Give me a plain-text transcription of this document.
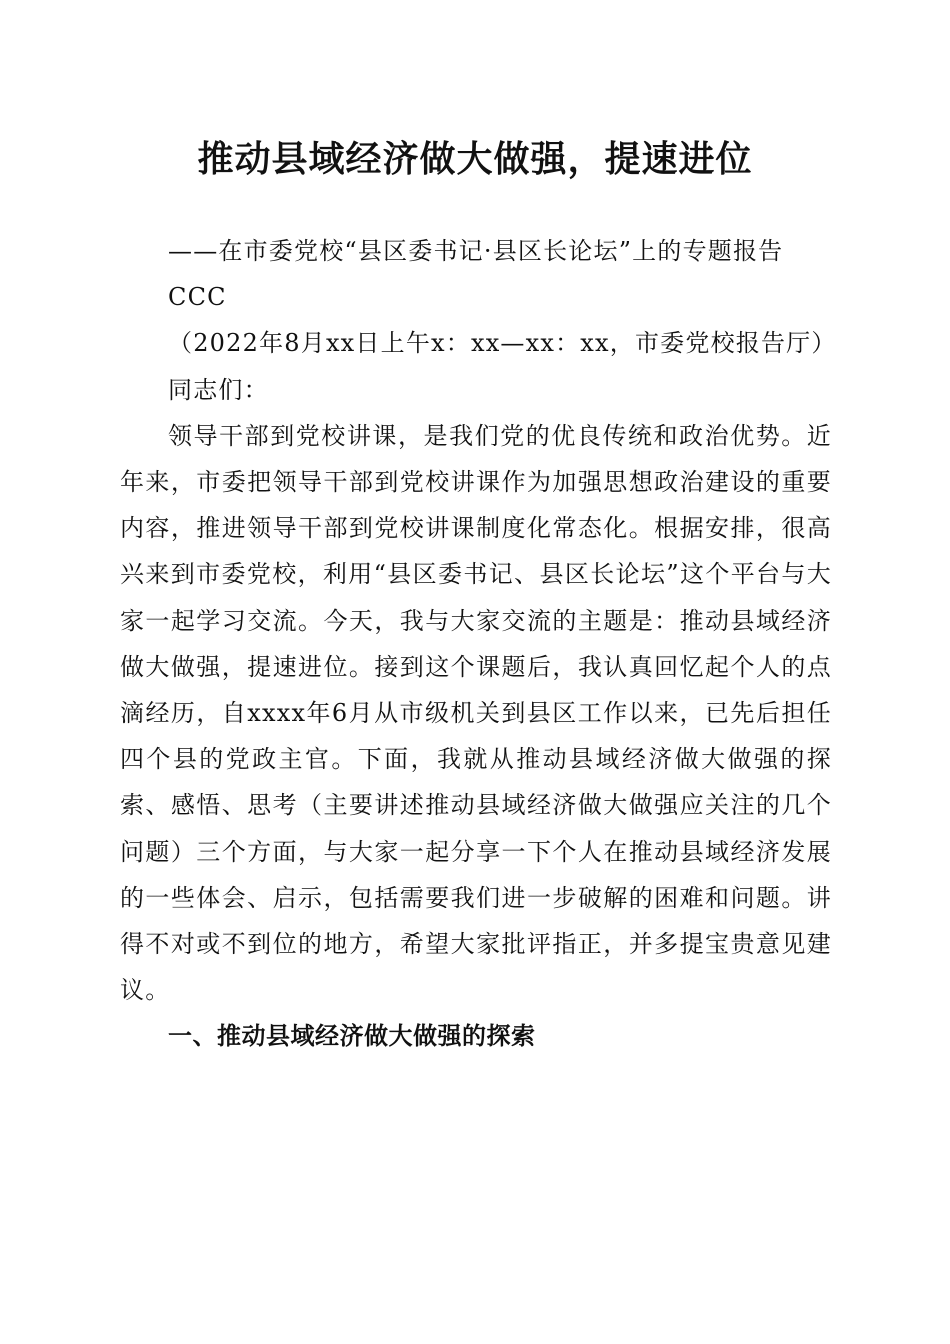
推动县域经济做大做强，提速进位

——在市委党校“县区委书记·县区长论坛”上的专题报告

CCC

（2022年8月xx日上午x：xx—xx：xx，市委党校报告厅）

同志们：

领导干部到党校讲课，是我们党的优良传统和政治优势。近年来，市委把领导干部到党校讲课作为加强思想政治建设的重要内容，推进领导干部到党校讲课制度化常态化。根据安排，很高兴来到市委党校，利用“县区委书记、县区长论坛”这个平台与大家一起学习交流。今天，我与大家交流的主题是：推动县域经济做大做强，提速进位。接到这个课题后，我认真回忆起个人的点滴经历，自xxxx年6月从市级机关到县区工作以来，已先后担任四个县的党政主官。下面，我就从推动县域经济做大做强的探索、感悟、思考（主要讲述推动县域经济做大做强应关注的几个问题）三个方面，与大家一起分享一下个人在推动县域经济发展的一些体会、启示，包括需要我们进一步破解的困难和问题。讲得不对或不到位的地方，希望大家批评指正，并多提宝贵意见建议。

一、推动县域经济做大做强的探索
